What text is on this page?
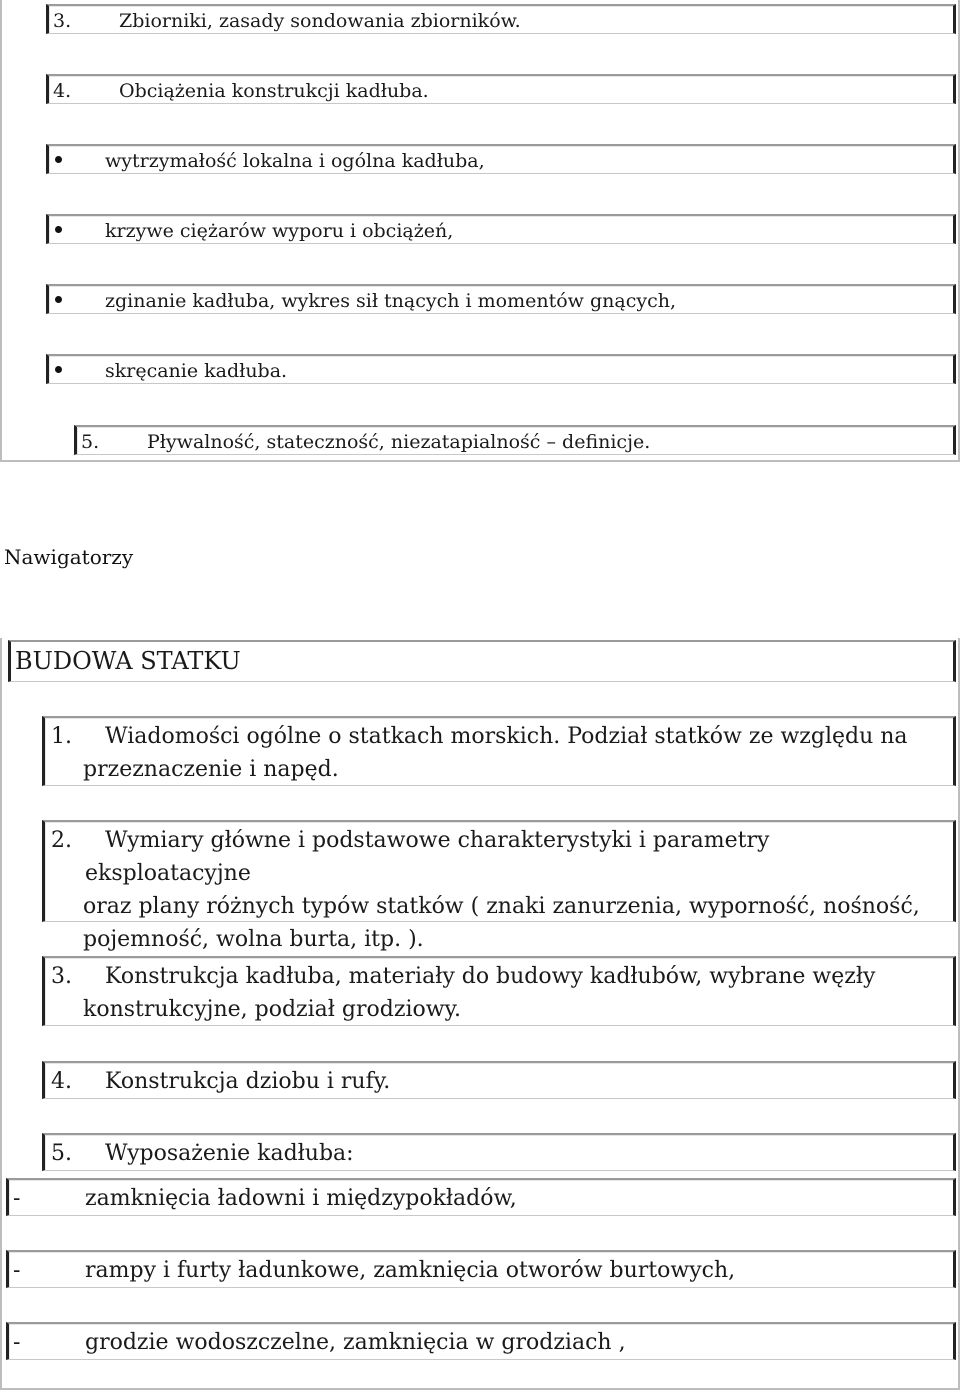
3.	Zbiorniki, zasady sondowania zbiorników.
4.	Obciążenia konstrukcji kadłuba.
wytrzymałość lokalna i ogólna kadłuba,
krzywe ciężarów wyporu i obciążeń,
zginanie kadłuba, wykres sił tnących i momentów gnących,
skręcanie kadłuba.
5.	Pływalność, stateczność, niezatapialność – definicje.
Nawigatorzy
BUDOWA STATKU
1.	Wiadomości ogólne o statkach morskich. Podział statków ze względu na
przeznaczenie i napęd.
2.	Wymiary główne i podstawowe charakterystyki i parametry eksploatacyjne
oraz plany różnych typów statków ( znaki zanurzenia, wyporność, nośność,
pojemność, wolna burta, itp. ).
3.	Konstrukcja kadłuba, materiały do budowy kadłubów, wybrane węzły
konstrukcyjne, podział grodziowy.
4.	Konstrukcja dziobu i rufy.
5.	Wyposażenie kadłuba:
-	zamknięcia ładowni i międzypokładów,
-	rampy i furty ładunkowe, zamknięcia otworów burtowych,
-	grodzie wodoszczelne, zamknięcia w grodziach ,
